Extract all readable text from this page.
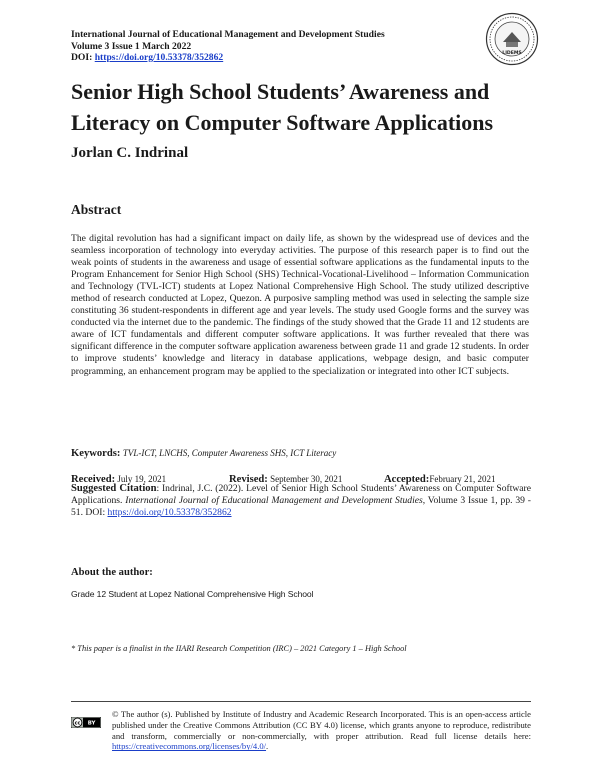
International Journal of Educational Management and Development Studies
Volume 3 Issue 1 March 2022
DOI: https://doi.org/10.53378/352862	LIDEMS
Senior High School Students’ Awareness and Literacy on Computer Software Applications
Jorlan C. Indrinal
Abstract

The digital revolution has had a significant impact on daily life, as shown by the widespread use of devices and the seamless incorporation of technology into everyday activities. The purpose of this research paper is to find out the weak points of students in the awareness and usage of essential software applications as the fundamental inputs to the Program Enhancement for Senior High School (SHS) Technical-Vocational-Livelihood – Information Communication and Technology (TVL-ICT) students at Lopez National Comprehensive High School. The study utilized descriptive method of research conducted at Lopez, Quezon. A purposive sampling method was used in selecting the sample size constituting 36 student-respondents in different age and year levels. The study used Google forms and the survey was conducted via the internet due to the pandemic. The findings of the study showed that the Grade 11 and 12 students are aware of ICT fundamentals and different computer software applications. It was further revealed that there was significant difference in the computer software application awareness between grade 11 and grade 12 students. In order to improve students’ knowledge and literacy in database applications, webpage design, and basic computer programming, an enhancement program may be applied to the specialization or integrated into other ICT subjects.

Keywords: TVL-ICT, LNCHS, Computer Awareness SHS, ICT Literacy
Received: July 19, 2021	Revised: September 30, 2021	Accepted:February 21, 2021

Suggested Citation: Indrinal, J.C. (2022). Level of Senior High School Students’ Awareness on Computer Software Applications. International Journal of Educational Management and Development Studies, Volume 3 Issue 1, pp. 39 - 51. DOI: https://doi.org/10.53378/352862

About the author:

Grade 12 Student at Lopez National Comprehensive High School

* This paper is a finalist in the IIARI Research Competition (IRC) – 2021 Category 1 – High School

cc BY

© The author (s). Published by Institute of Industry and Academic Research Incorporated. This is an open-access article published under the Creative Commons Attribution (CC BY 4.0) license, which grants anyone to reproduce, redistribute and transform, commercially or non-commercially, with proper attribution. Read full license details here: https://creativecommons.org/licenses/by/4.0/.
